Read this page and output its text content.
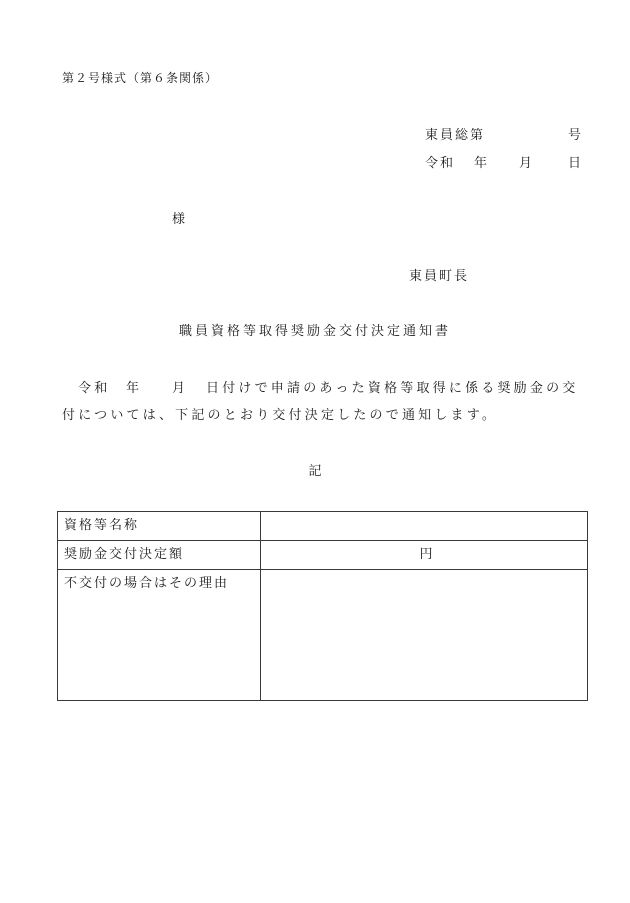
第２号様式（第６条関係）
東員総第	号
令和 年 月	日
様
東員町長
職員資格等取得奨励金交付決定通知書
令和 年 月 日付けで申請のあった資格等取得に係る奨励金の交
付については、下記のとおり交付決定したので通知します。
記
資格等名称	
奨励金交付決定額	円
不交付の場合はその理由	
